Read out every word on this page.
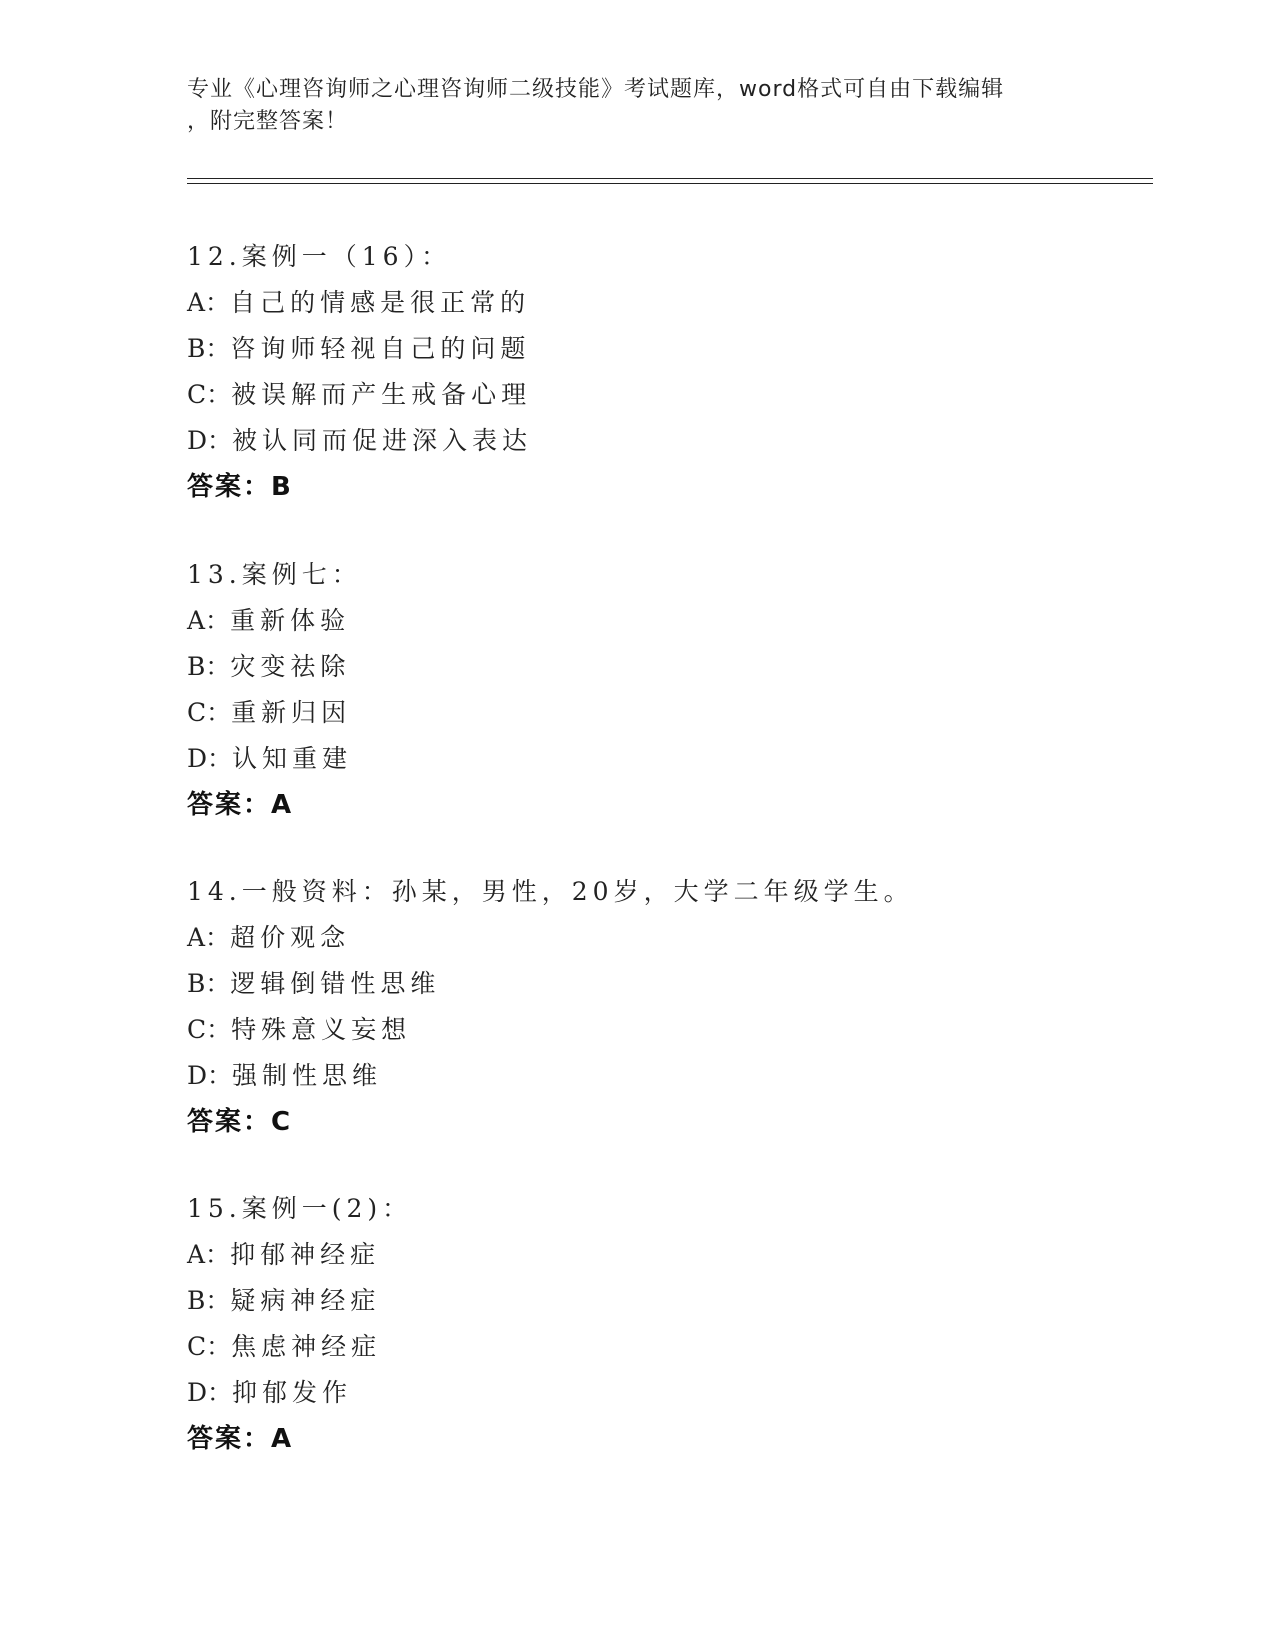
专业《心理咨询师之心理咨询师二级技能》考试题库，word格式可自由下载编辑
，附完整答案！
12.案例一（16）：
A：自己的情感是很正常的
B：咨询师轻视自己的问题
C：被误解而产生戒备心理
D：被认同而促进深入表达
答案：B
13.案例七：
A：重新体验
B：灾变祛除
C：重新归因
D：认知重建
答案：A
14.一般资料：孙某，男性，20岁，大学二年级学生。
A：超价观念
B：逻辑倒错性思维
C：特殊意义妄想
D：强制性思维
答案：C
15.案例一(2)：
A：抑郁神经症
B：疑病神经症
C：焦虑神经症
D：抑郁发作
答案：A
